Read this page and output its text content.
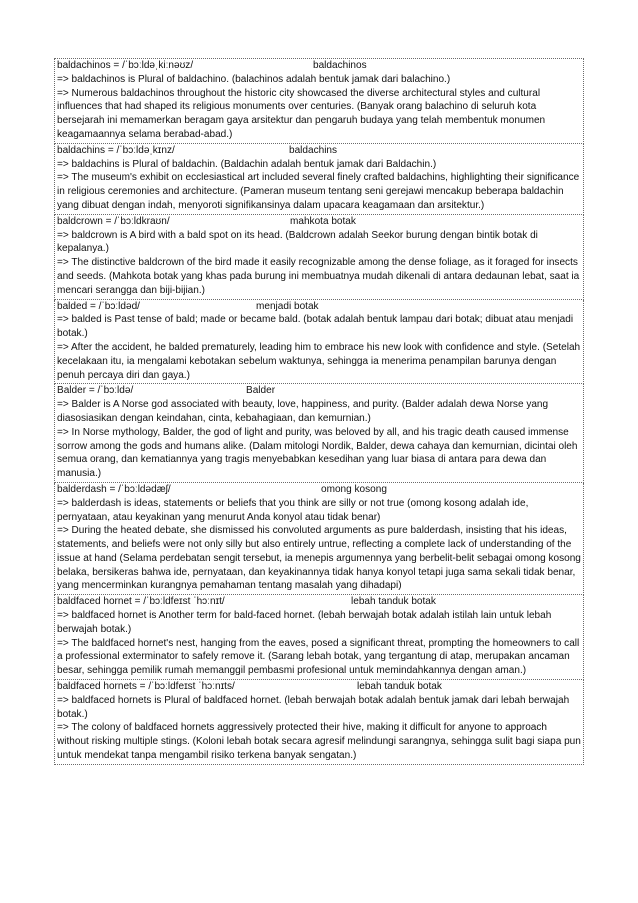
baldachinos = /ˈbɔːldəˌkiːnəʊz/	baldachinos
=> baldachinos is Plural of baldachino. (balachinos adalah bentuk jamak dari balachino.)
=> Numerous baldachinos throughout the historic city showcased the diverse architectural styles and cultural influences that had shaped its religious monuments over centuries. (Banyak orang balachino di seluruh kota bersejarah ini memamerkan beragam gaya arsitektur dan pengaruh budaya yang telah membentuk monumen keagamaannya selama berabad-abad.)
baldachins = /ˈbɔːldəˌkɪnz/	baldachins
=> baldachins is Plural of baldachin. (Baldachin adalah bentuk jamak dari Baldachin.)
=> The museum's exhibit on ecclesiastical art included several finely crafted baldachins, highlighting their significance in religious ceremonies and architecture. (Pameran museum tentang seni gerejawi mencakup beberapa baldachin yang dibuat dengan indah, menyoroti signifikansinya dalam upacara keagamaan dan arsitektur.)
baldcrown = /ˈbɔːldkraʊn/	mahkota botak
=> baldcrown is A bird with a bald spot on its head. (Baldcrown adalah Seekor burung dengan bintik botak di kepalanya.)
=> The distinctive baldcrown of the bird made it easily recognizable among the dense foliage, as it foraged for insects and seeds. (Mahkota botak yang khas pada burung ini membuatnya mudah dikenali di antara dedaunan lebat, saat ia mencari serangga dan biji-bijian.)
balded = /ˈbɔːldəd/	menjadi botak
=> balded is Past tense of bald; made or became bald. (botak adalah bentuk lampau dari botak; dibuat atau menjadi botak.)
=> After the accident, he balded prematurely, leading him to embrace his new look with confidence and style. (Setelah kecelakaan itu, ia mengalami kebotakan sebelum waktunya, sehingga ia menerima penampilan barunya dengan penuh percaya diri dan gaya.)
Balder = /ˈbɔːldə/	Balder
=> Balder is A Norse god associated with beauty, love, happiness, and purity. (Balder adalah dewa Norse yang diasosiasikan dengan keindahan, cinta, kebahagiaan, dan kemurnian.)
=> In Norse mythology, Balder, the god of light and purity, was beloved by all, and his tragic death caused immense sorrow among the gods and humans alike. (Dalam mitologi Nordik, Balder, dewa cahaya dan kemurnian, dicintai oleh semua orang, dan kematiannya yang tragis menyebabkan kesedihan yang luar biasa di antara para dewa dan manusia.)
balderdash = /ˈbɔːldədæʃ/	omong kosong
=> balderdash is ideas, statements or beliefs that you think are silly or not true (omong kosong adalah ide, pernyataan, atau keyakinan yang menurut Anda konyol atau tidak benar)
=> During the heated debate, she dismissed his convoluted arguments as pure balderdash, insisting that his ideas, statements, and beliefs were not only silly but also entirely untrue, reflecting a complete lack of understanding of the issue at hand (Selama perdebatan sengit tersebut, ia menepis argumennya yang berbelit-belit sebagai omong kosong belaka, bersikeras bahwa ide, pernyataan, dan keyakinannya tidak hanya konyol tetapi juga sama sekali tidak benar, yang mencerminkan kurangnya pemahaman tentang masalah yang dihadapi)
baldfaced hornet = /ˈbɔːldfeɪst ˈhɔːnɪt/	lebah tanduk botak
=> baldfaced hornet is Another term for bald-faced hornet. (lebah berwajah botak adalah istilah lain untuk lebah berwajah botak.)
=> The baldfaced hornet's nest, hanging from the eaves, posed a significant threat, prompting the homeowners to call a professional exterminator to safely remove it. (Sarang lebah botak, yang tergantung di atap, merupakan ancaman besar, sehingga pemilik rumah memanggil pembasmi profesional untuk memindahkannya dengan aman.)
baldfaced hornets = /ˈbɔːldfeɪst ˈhɔːnɪts/	lebah tanduk botak
=> baldfaced hornets is Plural of baldfaced hornet. (lebah berwajah botak adalah bentuk jamak dari lebah berwajah botak.)
=> The colony of baldfaced hornets aggressively protected their hive, making it difficult for anyone to approach without risking multiple stings. (Koloni lebah botak secara agresif melindungi sarangnya, sehingga sulit bagi siapa pun untuk mendekat tanpa mengambil risiko terkena banyak sengatan.)
